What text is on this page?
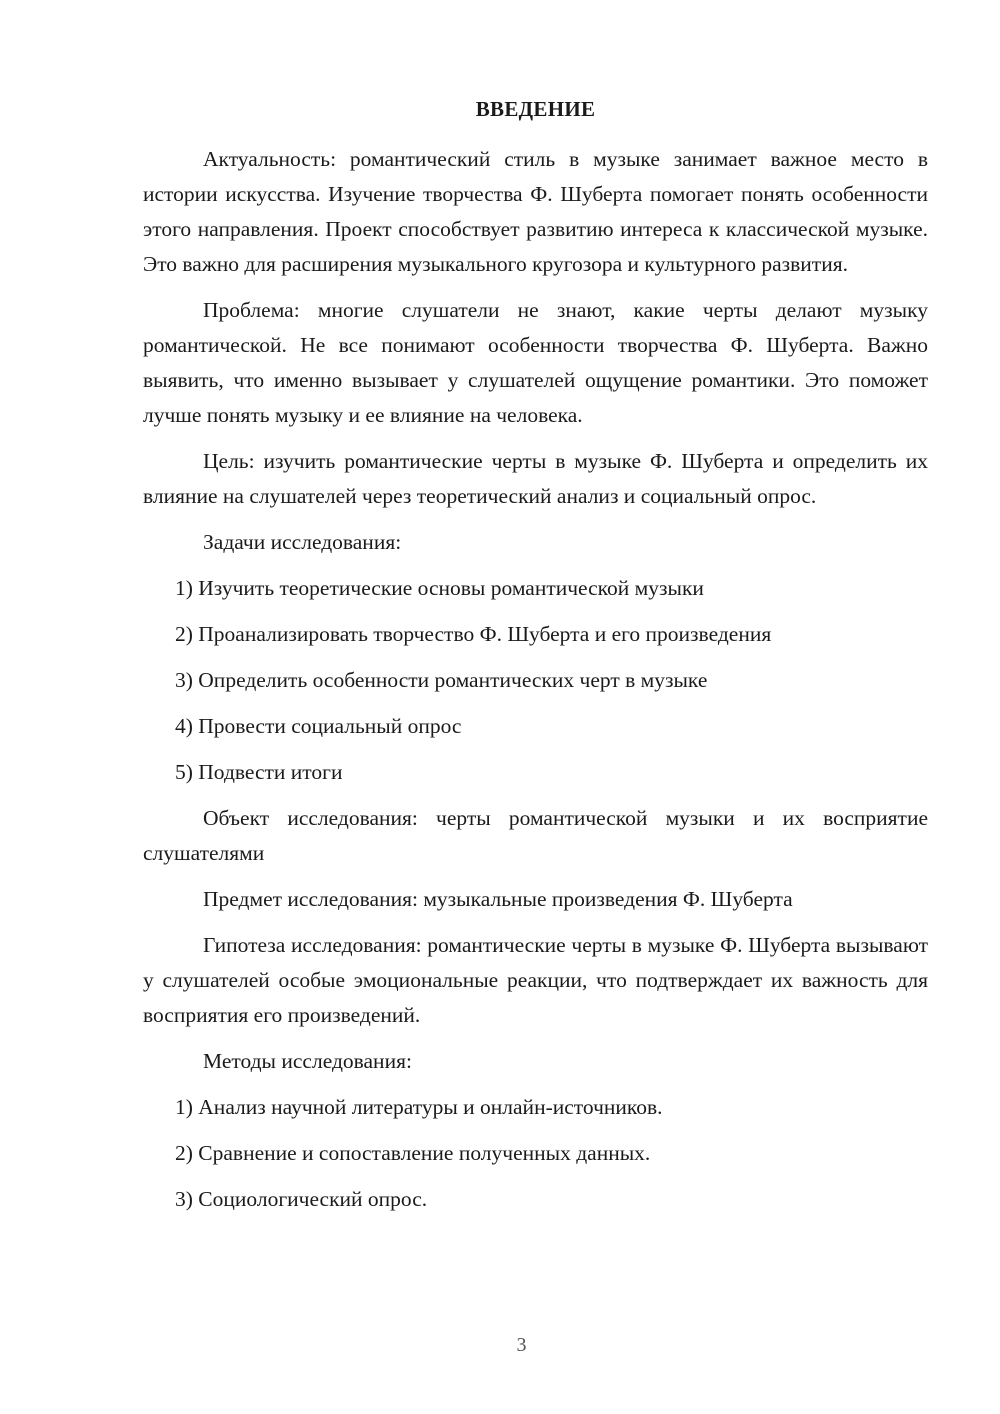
ВВЕДЕНИЕ

Актуальность: романтический стиль в музыке занимает важное место в истории искусства. Изучение творчества Ф. Шуберта помогает понять особенности этого направления. Проект способствует развитию интереса к классической музыке. Это важно для расширения музыкального кругозора и культурного развития.

Проблема: многие слушатели не знают, какие черты делают музыку романтической. Не все понимают особенности творчества Ф. Шуберта. Важно выявить, что именно вызывает у слушателей ощущение романтики. Это поможет лучше понять музыку и ее влияние на человека.

Цель: изучить романтические черты в музыке Ф. Шуберта и определить их влияние на слушателей через теоретический анализ и социальный опрос.

Задачи исследования:

1) Изучить теоретические основы романтической музыки

2) Проанализировать творчество Ф. Шуберта и его произведения

3) Определить особенности романтических черт в музыке

4) Провести социальный опрос

5) Подвести итоги

Объект исследования: черты романтической музыки и их восприятие слушателями

Предмет исследования: музыкальные произведения Ф. Шуберта

Гипотеза исследования: романтические черты в музыке Ф. Шуберта вызывают у слушателей особые эмоциональные реакции, что подтверждает их важность для восприятия его произведений.

Методы исследования:

1) Анализ научной литературы и онлайн-источников.

2) Сравнение и сопоставление полученных данных.

3) Социологический опрос.

3
